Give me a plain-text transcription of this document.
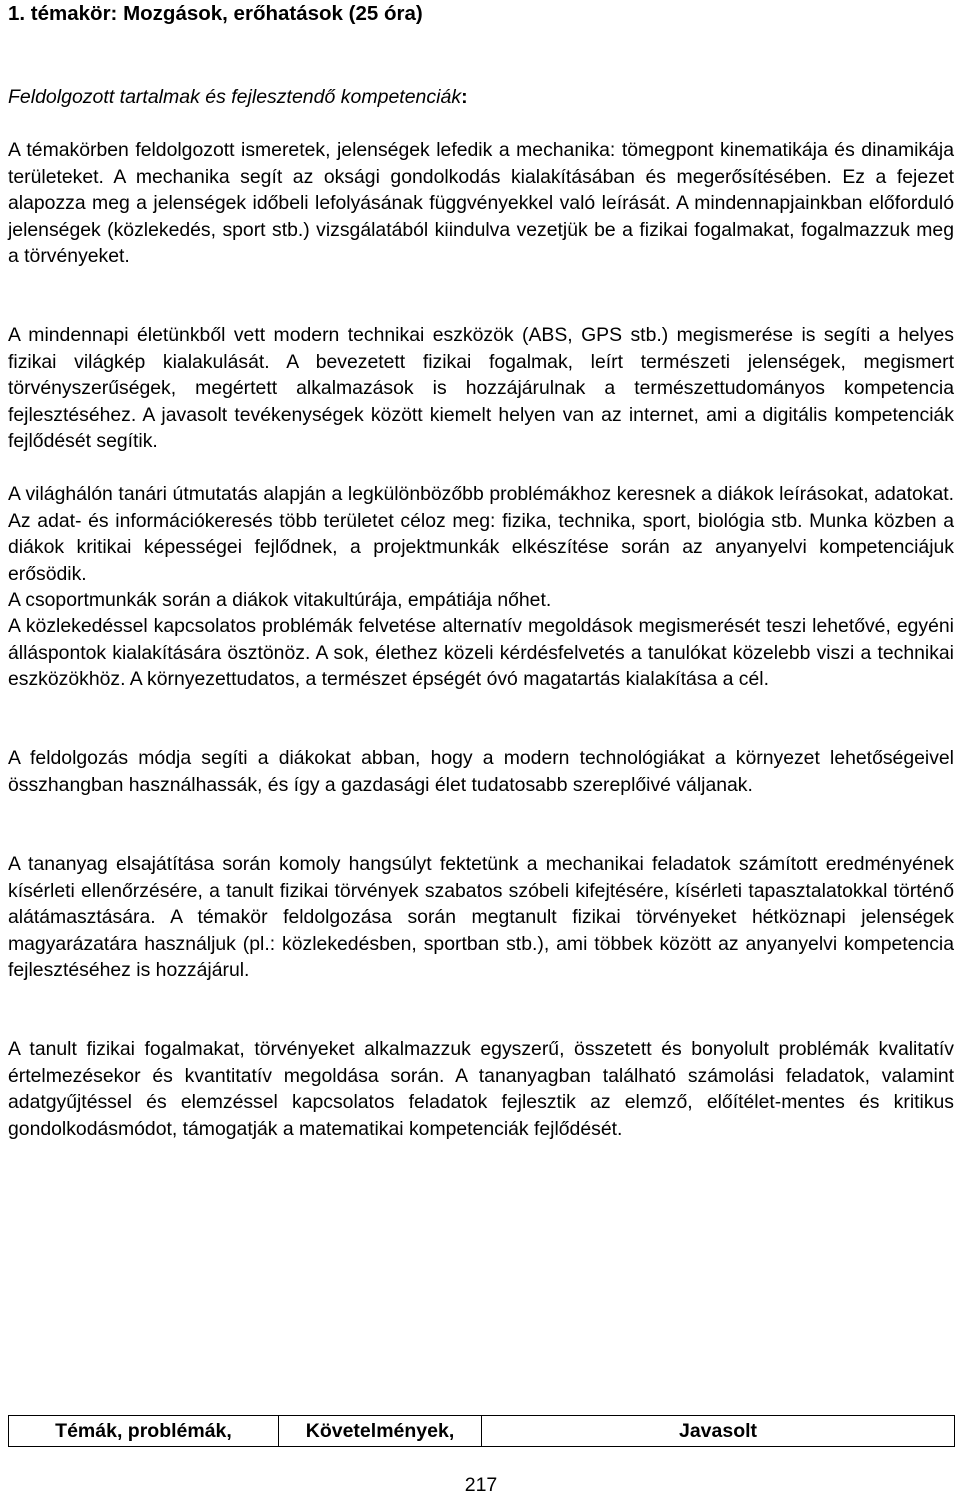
1. témakör: Mozgások, erőhatások (25 óra)
Feldolgozott tartalmak és fejlesztendő kompetenciák:

A témakörben feldolgozott ismeretek, jelenségek lefedik a mechanika: tömegpont kinematikája és dinamikája területeket. A mechanika segít az oksági gondolkodás kialakításában és megerősítésében. Ez a fejezet alapozza meg a jelenségek időbeli lefolyásának függvényekkel való leírását. A mindennapjainkban előforduló jelenségek (közlekedés, sport stb.) vizsgálatából kiindulva vezetjük be a fizikai fogalmakat, fogalmazzuk meg a törvényeket.

A mindennapi életünkből vett modern technikai eszközök (ABS, GPS stb.) megismerése is segíti a helyes fizikai világkép kialakulását. A bevezetett fizikai fogalmak, leírt természeti jelenségek, megismert törvényszerűségek, megértett alkalmazások is hozzájárulnak a természettudományos kompetencia fejlesztéséhez. A javasolt tevékenységek között kiemelt helyen van az internet, ami a digitális kompetenciák fejlődését segítik.

A világhálón tanári útmutatás alapján a legkülönbözőbb problémákhoz keresnek a diákok leírásokat, adatokat. Az adat- és információkeresés több területet céloz meg: fizika, technika, sport, biológia stb. Munka közben a diákok kritikai képességei fejlődnek, a projektmunkák elkészítése során az anyanyelvi kompetenciájuk erősödik.

A csoportmunkák során a diákok vitakultúrája, empátiája nőhet.

A közlekedéssel kapcsolatos problémák felvetése alternatív megoldások megismerését teszi lehetővé, egyéni álláspontok kialakítására ösztönöz. A sok, élethez közeli kérdésfelvetés a tanulókat közelebb viszi a technikai eszközökhöz. A környezettudatos, a természet épségét óvó magatartás kialakítása a cél.

A feldolgozás módja segíti a diákokat abban, hogy a modern technológiákat a környezet lehetőségeivel összhangban használhassák, és így a gazdasági élet tudatosabb szereplőivé váljanak.

A tananyag elsajátítása során komoly hangsúlyt fektetünk a mechanikai feladatok számított eredményének kísérleti ellenőrzésére, a tanult fizikai törvények szabatos szóbeli kifejtésére, kísérleti tapasztalatokkal történő alátámasztására. A témakör feldolgozása során megtanult fizikai törvényeket hétköznapi jelenségek magyarázatára használjuk (pl.: közlekedésben, sportban stb.), ami többek között az anyanyelvi kompetencia fejlesztéséhez is hozzájárul.

A tanult fizikai fogalmakat, törvényeket alkalmazzuk egyszerű, összetett és bonyolult problémák kvalitatív értelmezésekor és kvantitatív megoldása során. A tananyagban található számolási feladatok, valamint adatgyűjtéssel és elemzéssel kapcsolatos feladatok fejlesztik az elemző, előítélet-mentes és kritikus gondolkodásmódot, támogatják a matematikai kompetenciák fejlődését.

Témák, problémák,	Követelmények,	Javasolt
217
